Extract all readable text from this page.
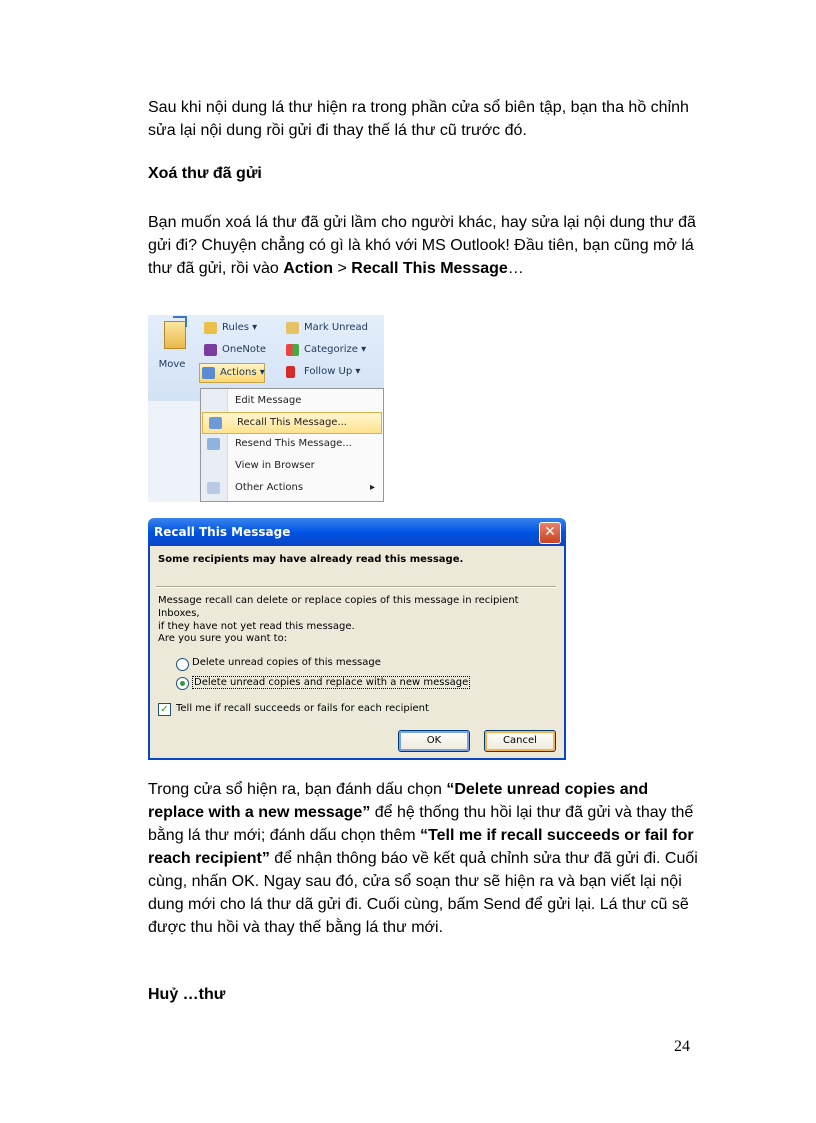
Sau khi nội dung lá thư hiện ra trong phần cửa sổ biên tập, bạn tha hồ chỉnh sửa lại nội dung rồi gửi đi thay thế lá thư cũ trước đó.

Xoá thư đã gửi

Bạn muốn xoá lá thư đã gửi lầm cho người khác, hay sửa lại nội dung thư đã gửi đi? Chuyện chẳng có gì là khó với MS Outlook! Đầu tiên, bạn cũng mở lá thư đã gửi, rồi vào Action > Recall This Message…

Move
Rules ▾
OneNote
Actions ▾
Mark Unread
Categorize ▾
Follow Up ▾
Edit Message
Recall This Message...
Resend This Message...
View in Browser
Other Actions	▸
Recall This Message	✕
Some recipients may have already read this message.
Message recall can delete or replace copies of this message in recipient Inboxes,
if they have not yet read this message.
Are you sure you want to:
Delete unread copies of this message
Delete unread copies and replace with a new message
✓ Tell me if recall succeeds or fails for each recipient
OK	Cancel

Trong cửa sổ hiện ra, bạn đánh dấu chọn “Delete unread copies and replace with a new message” để hệ thống thu hồi lại thư đã gửi và thay thế bằng lá thư mới; đánh dấu chọn thêm “Tell me if recall succeeds or fail for reach recipient” để nhận thông báo về kết quả chỉnh sửa thư đã gửi đi. Cuối cùng, nhấn OK. Ngay sau đó, cửa sổ soạn thư sẽ hiện ra và bạn viết lại nội dung mới cho lá thư dã gửi đi. Cuối cùng, bấm Send để gửi lại. Lá thư cũ sẽ được thu hồi và thay thế bằng lá thư mới.

Huỷ …thư

24
